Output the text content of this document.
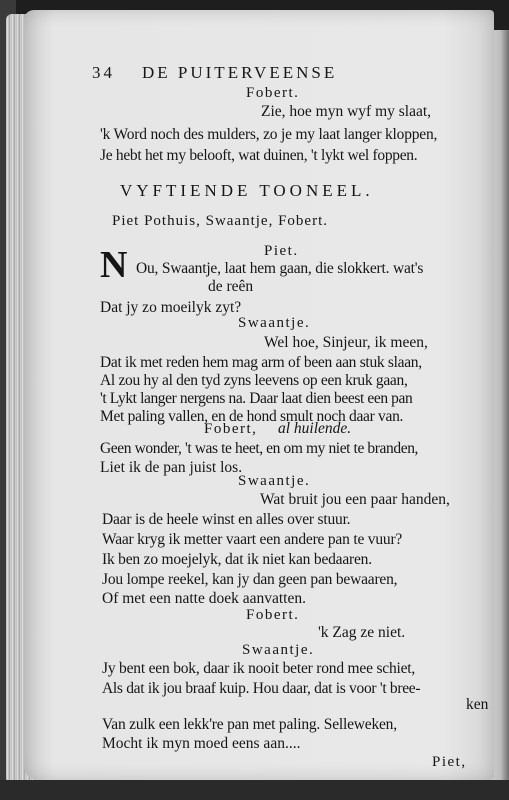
34 DE PUITERVEENSE
Fobert.
Zie, hoe myn wyf my slaat,
'k Word noch des mulders, zo je my laat langer kloppen,
Je hebt het my belooft, wat duinen, 't lykt wel foppen.
VYFTIENDE TOONEEL.
Piet Pothuis, Swaantje, Fobert.
Piet.
N Ou, Swaantje, laat hem gaan, die slokkert. wat's
de reên
Dat jy zo moeilyk zyt?
Swaantje.
Wel hoe, Sinjeur, ik meen,
Dat ik met reden hem mag arm of been aan stuk slaan,
Al zou hy al den tyd zyns leevens op een kruk gaan,
't Lykt langer nergens na. Daar laat dien beest een pan
Met paling vallen, en de hond smult noch daar van.
Fobert, al huilende.
Geen wonder, 't was te heet, en om my niet te branden,
Liet ik de pan juist los.
Swaantje.
Wat bruit jou een paar handen,
Daar is de heele winst en alles over stuur.
Waar kryg ik metter vaart een andere pan te vuur?
Ik ben zo moejelyk, dat ik niet kan bedaaren.
Jou lompe reekel, kan jy dan geen pan bewaaren,
Of met een natte doek aanvatten.
Fobert.
'k Zag ze niet.
Swaantje.
Jy bent een bok, daar ik nooit beter rond mee schiet,
Als dat ik jou braaf kuip. Hou daar, dat is voor 't bree-
ken
Van zulk een lekk're pan met paling. Selleweken,
Mocht ik myn moed eens aan....
Piet,
